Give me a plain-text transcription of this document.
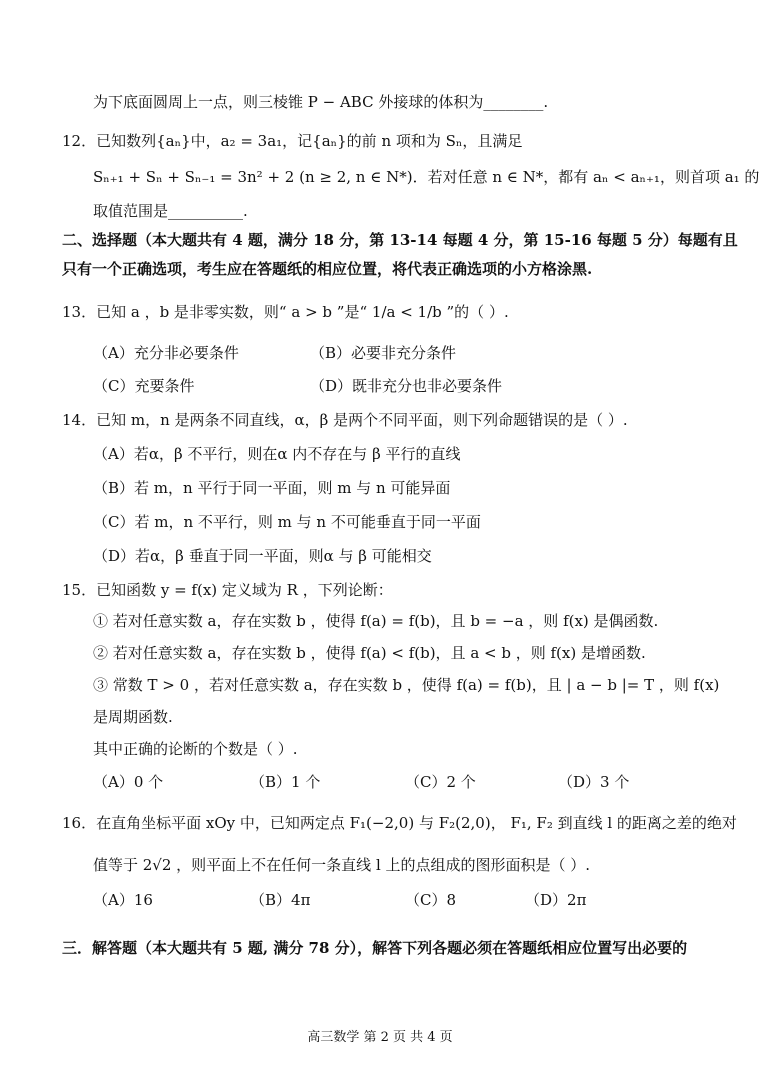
为下底面圆周上一点，则三棱锥 P − ABC 外接球的体积为________.
12．已知数列{aₙ}中，a₂ = 3a₁，记{aₙ}的前 n 项和为 Sₙ，且满足
Sₙ₊₁ + Sₙ + Sₙ₋₁ = 3n² + 2 (n ≥ 2, n ∈ N*)．若对任意 n ∈ N*，都有 aₙ < aₙ₊₁，则首项 a₁ 的
取值范围是__________.
二、选择题（本大题共有 4 题，满分 18 分，第 13-14 每题 4 分，第 15-16 每题 5 分）每题有且
只有一个正确选项，考生应在答题纸的相应位置，将代表正确选项的小方格涂黑.
13．已知 a ，b 是非零实数，则“ a > b ”是“ 1/a < 1/b ”的（ ）.
（A）充分非必要条件	（B）必要非充分条件
（C）充要条件	（D）既非充分也非必要条件
14．已知 m，n 是两条不同直线，α，β 是两个不同平面，则下列命题错误的是（ ）.
（A）若α，β 不平行，则在α 内不存在与 β 平行的直线
（B）若 m，n 平行于同一平面，则 m 与 n 可能异面
（C）若 m，n 不平行，则 m 与 n 不可能垂直于同一平面
（D）若α，β 垂直于同一平面，则α 与 β 可能相交
15．已知函数 y = f(x) 定义域为 R ，下列论断：
① 若对任意实数 a，存在实数 b ，使得 f(a) = f(b)，且 b = −a ，则 f(x) 是偶函数.
② 若对任意实数 a，存在实数 b ，使得 f(a) < f(b)，且 a < b ，则 f(x) 是增函数.
③ 常数 T > 0 ，若对任意实数 a，存在实数 b ，使得 f(a) = f(b)，且 | a − b |= T ，则 f(x)
是周期函数.
其中正确的论断的个数是（ ）.
（A）0 个	（B）1 个	（C）2 个	（D）3 个
16．在直角坐标平面 xOy 中，已知两定点 F₁(−2,0) 与 F₂(2,0)， F₁, F₂ 到直线 l 的距离之差的绝对
值等于 2√2 ，则平面上不在任何一条直线 l 上的点组成的图形面积是（ ）.
（A）16	（B）4π	（C）8	（D）2π
三．解答题（本大题共有 5 题, 满分 78 分），解答下列各题必须在答题纸相应位置写出必要的
高三数学 第 2 页 共 4 页
